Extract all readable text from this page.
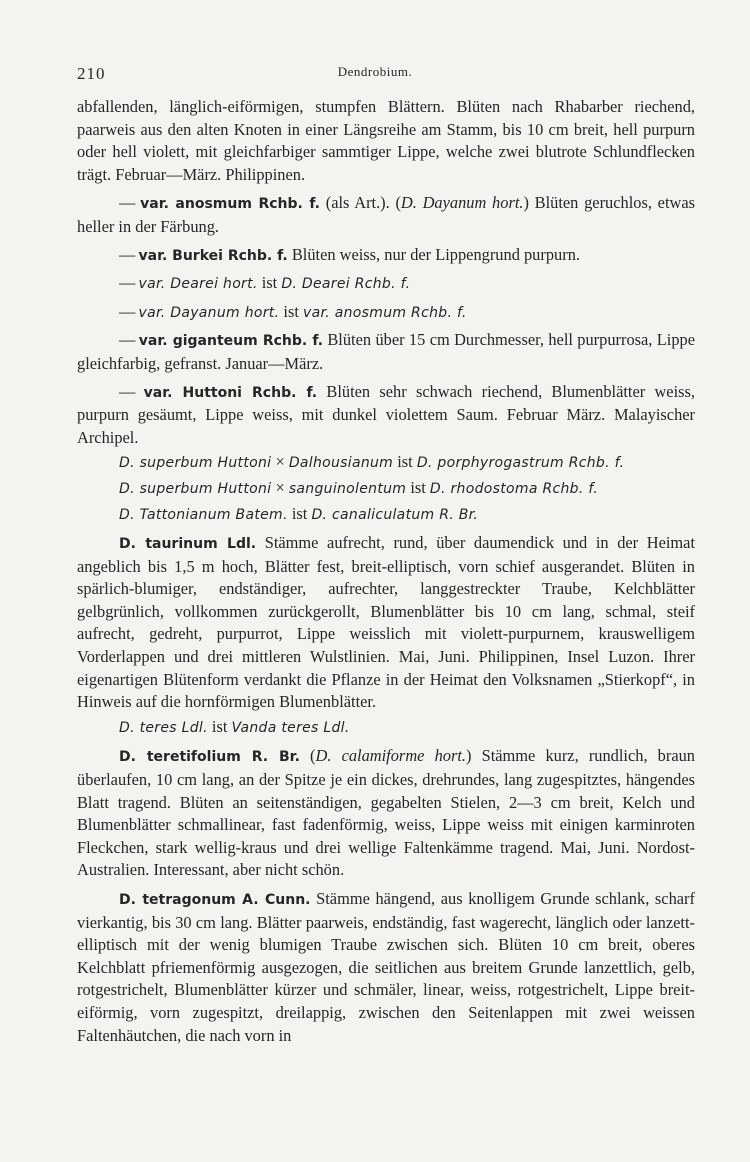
210	Dendrobium.

abfallenden, länglich-eiförmigen, stumpfen Blättern. Blüten nach Rhabarber riechend, paarweis aus den alten Knoten in einer Längsreihe am Stamm, bis 10 cm breit, hell purpurn oder hell violett, mit gleichfarbiger sammtiger Lippe, welche zwei blutrote Schlundflecken trägt. Februar—März. Philippinen.

— var. anosmum Rchb. f. (als Art.). (D. Dayanum hort.) Blüten geruchlos, etwas heller in der Färbung.

— var. Burkei Rchb. f. Blüten weiss, nur der Lippengrund purpurn.

— var. Dearei hort. ist D. Dearei Rchb. f.

— var. Dayanum hort. ist var. anosmum Rchb. f.

— var. giganteum Rchb. f. Blüten über 15 cm Durchmesser, hell purpurrosa, Lippe gleichfarbig, gefranst. Januar—März.

— var. Huttoni Rchb. f. Blüten sehr schwach riechend, Blumenblätter weiss, purpurn gesäumt, Lippe weiss, mit dunkel violettem Saum. Februar März. Malayischer Archipel.

D. superbum Huttoni × Dalhousianum ist D. porphyrogastrum Rchb. f.

D. superbum Huttoni × sanguinolentum ist D. rhodostoma Rchb. f.

D. Tattonianum Batem. ist D. canaliculatum R. Br.

D. taurinum Ldl. Stämme aufrecht, rund, über daumendick und in der Heimat angeblich bis 1,5 m hoch, Blätter fest, breit-elliptisch, vorn schief ausgerandet. Blüten in spärlich-blumiger, endständiger, aufrechter, langgestreckter Traube, Kelchblätter gelbgrünlich, vollkommen zurückgerollt, Blumenblätter bis 10 cm lang, schmal, steif aufrecht, gedreht, purpurrot, Lippe weisslich mit violett-purpurnem, krauswelligem Vorderlappen und drei mittleren Wulstlinien. Mai, Juni. Philippinen, Insel Luzon. Ihrer eigenartigen Blütenform verdankt die Pflanze in der Heimat den Volksnamen „Stierkopf“, in Hinweis auf die hornförmigen Blumenblätter.

D. teres Ldl. ist Vanda teres Ldl.

D. teretifolium R. Br. (D. calamiforme hort.) Stämme kurz, rundlich, braun überlaufen, 10 cm lang, an der Spitze je ein dickes, drehrundes, lang zugespitztes, hängendes Blatt tragend. Blüten an seitenständigen, gegabelten Stielen, 2—3 cm breit, Kelch und Blumenblätter schmallinear, fast fadenförmig, weiss, Lippe weiss mit einigen karminroten Fleckchen, stark wellig-kraus und drei wellige Faltenkämme tragend. Mai, Juni. Nordost-Australien. Interessant, aber nicht schön.

D. tetragonum A. Cunn. Stämme hängend, aus knolligem Grunde schlank, scharf vierkantig, bis 30 cm lang. Blätter paarweis, endständig, fast wagerecht, länglich oder lanzett-elliptisch mit der wenig blumigen Traube zwischen sich. Blüten 10 cm breit, oberes Kelchblatt pfriemenförmig ausgezogen, die seitlichen aus breitem Grunde lanzettlich, gelb, rotgestrichelt, Blumenblätter kürzer und schmäler, linear, weiss, rotgestrichelt, Lippe breit-eiförmig, vorn zugespitzt, dreilappig, zwischen den Seitenlappen mit zwei weissen Faltenhäutchen, die nach vorn in
